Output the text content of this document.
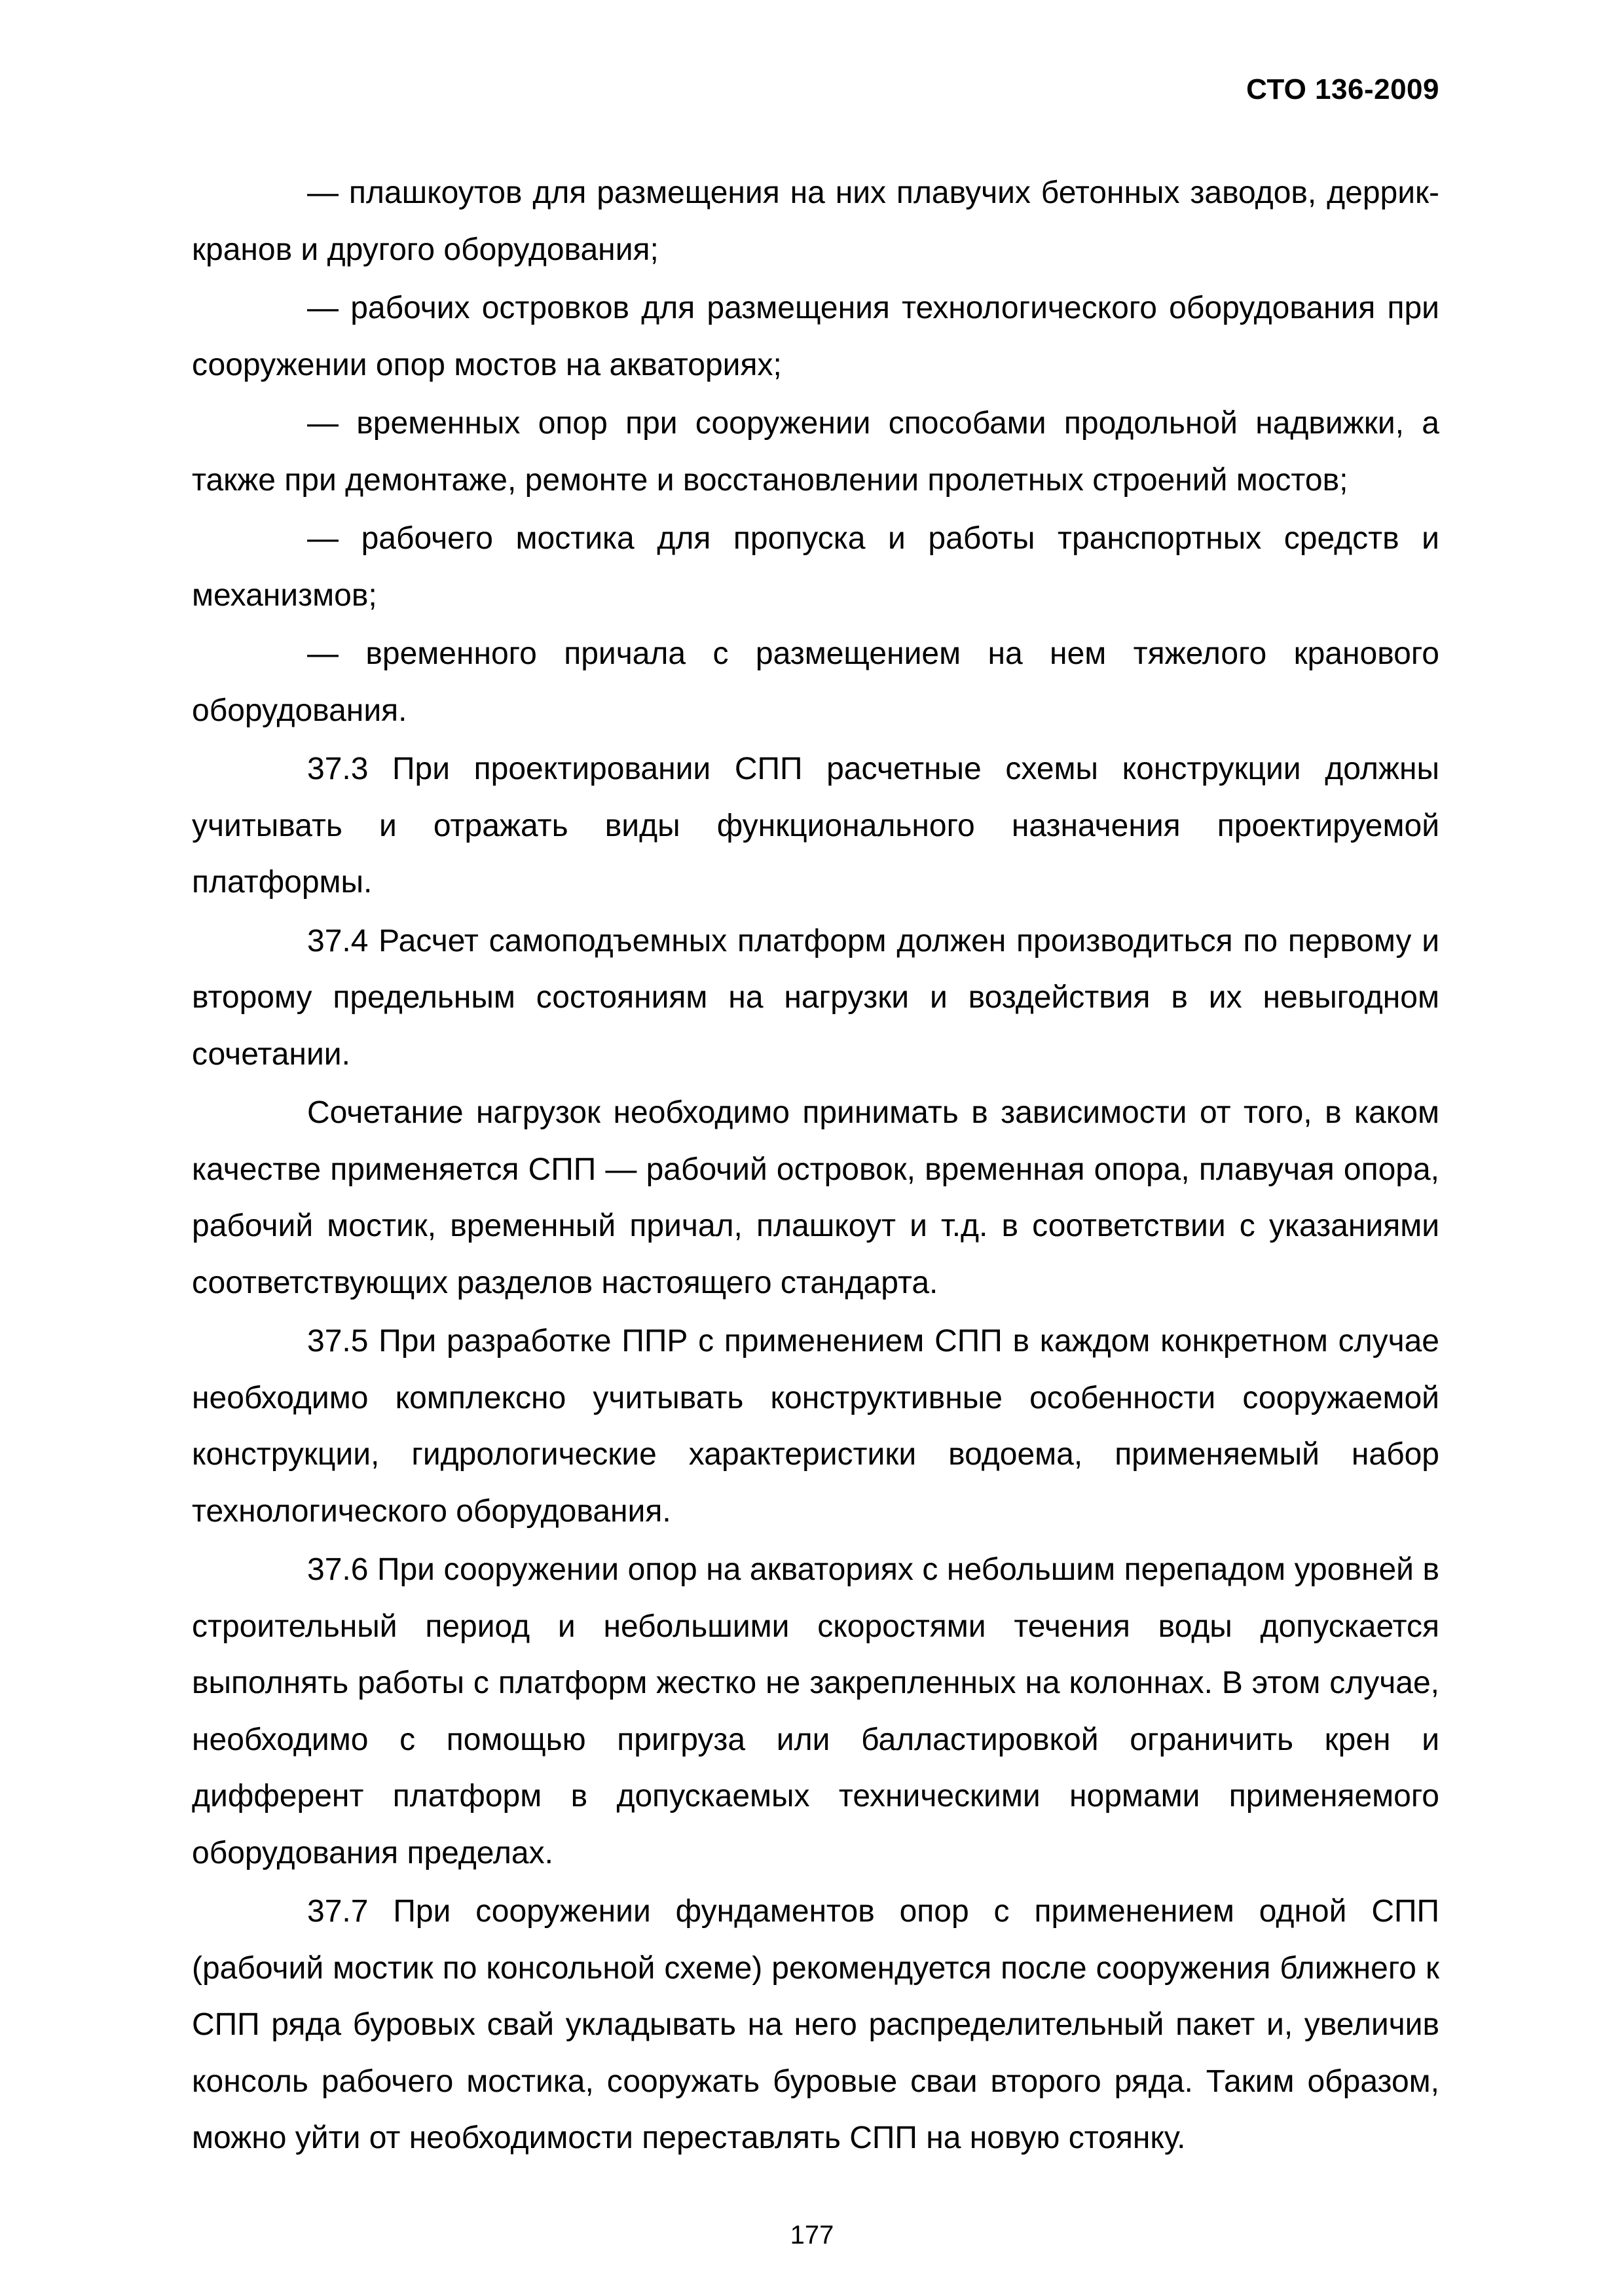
СТО 136-2009

— плашкоутов для размещения на них плавучих бетонных заводов, деррик-кранов и другого оборудования;

— рабочих островков для размещения технологического оборудования при сооружении опор мостов на акваториях;

— временных опор при сооружении способами продольной надвижки, а также при демонтаже, ремонте и восстановлении пролетных строений мостов;

— рабочего мостика для пропуска и работы транспортных средств и механизмов;

— временного причала с размещением на нем тяжелого кранового оборудования.

37.3 При проектировании СПП расчетные схемы конструкции должны учитывать и отражать виды функционального назначения проектируемой платформы.

37.4 Расчет самоподъемных платформ должен производиться по первому и второму предельным состояниям на нагрузки и воздействия в их невыгодном сочетании.

Сочетание нагрузок необходимо принимать в зависимости от того, в каком качестве применяется СПП — рабочий островок, временная опора, плавучая опора, рабочий мостик, временный причал, плашкоут и т.д. в соответствии с указаниями соответствующих разделов настоящего стандарта.

37.5 При разработке ППР с применением СПП в каждом конкретном случае необходимо комплексно учитывать конструктивные особенности сооружаемой конструкции, гидрологические характеристики водоема, применяемый набор технологического оборудования.

37.6 При сооружении опор на акваториях с небольшим перепадом уровней в строительный период и небольшими скоростями течения воды допускается выполнять работы с платформ жестко не закрепленных на колоннах. В этом случае, необходимо с помощью пригруза или балластировкой ограничить крен и дифферент платформ в допускаемых техническими нормами применяемого оборудования пределах.

37.7 При сооружении фундаментов опор с применением одной СПП (рабочий мостик по консольной схеме) рекомендуется после сооружения ближнего к СПП ряда буровых свай укладывать на него распределительный пакет и, увеличив консоль рабочего мостика, сооружать буровые сваи второго ряда. Таким образом, можно уйти от необходимости переставлять СПП на новую стоянку.

177
